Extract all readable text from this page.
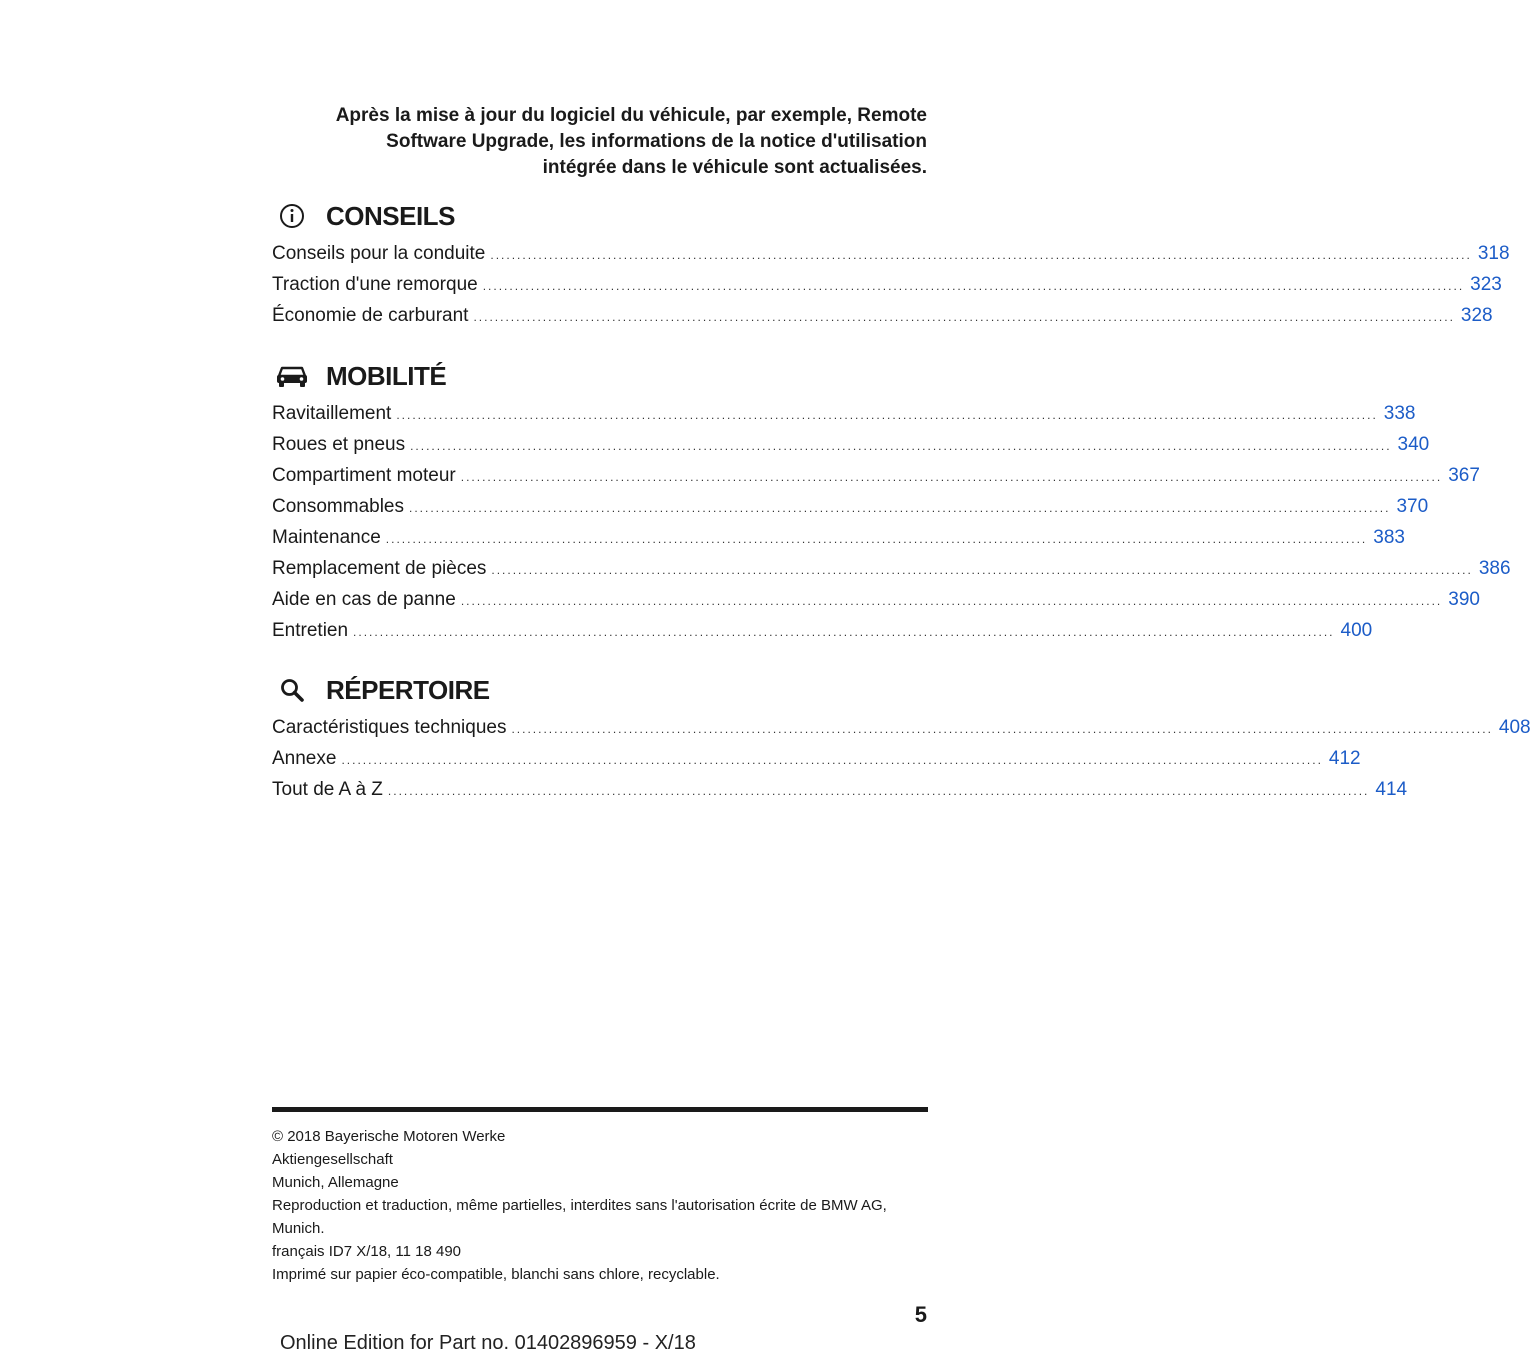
Après la mise à jour du logiciel du véhicule, par exemple, Remote
Software Upgrade, les informations de la notice d'utilisation
intégrée dans le véhicule sont actualisées.
CONSEILS
Conseils pour la conduite ........................................................................................................................................................................................ 318
Traction d'une remorque ........................................................................................................................................................................................ 323
Économie de carburant ........................................................................................................................................................................................ 328
MOBILITÉ
Ravitaillement ........................................................................................................................................................................................ 338
Roues et pneus ........................................................................................................................................................................................ 340
Compartiment moteur ........................................................................................................................................................................................ 367
Consommables ........................................................................................................................................................................................ 370
Maintenance ........................................................................................................................................................................................ 383
Remplacement de pièces ........................................................................................................................................................................................ 386
Aide en cas de panne ........................................................................................................................................................................................ 390
Entretien ........................................................................................................................................................................................ 400
RÉPERTOIRE
Caractéristiques techniques ........................................................................................................................................................................................ 408
Annexe ........................................................................................................................................................................................ 412
Tout de A à Z ........................................................................................................................................................................................ 414
© 2018 Bayerische Motoren Werke
Aktiengesellschaft
Munich, Allemagne
Reproduction et traduction, même partielles, interdites sans l'autorisation écrite de BMW AG,
Munich.
français ID7 X/18, 11 18 490
Imprimé sur papier éco-compatible, blanchi sans chlore, recyclable.
5
Online Edition for Part no. 01402896959 - X/18
